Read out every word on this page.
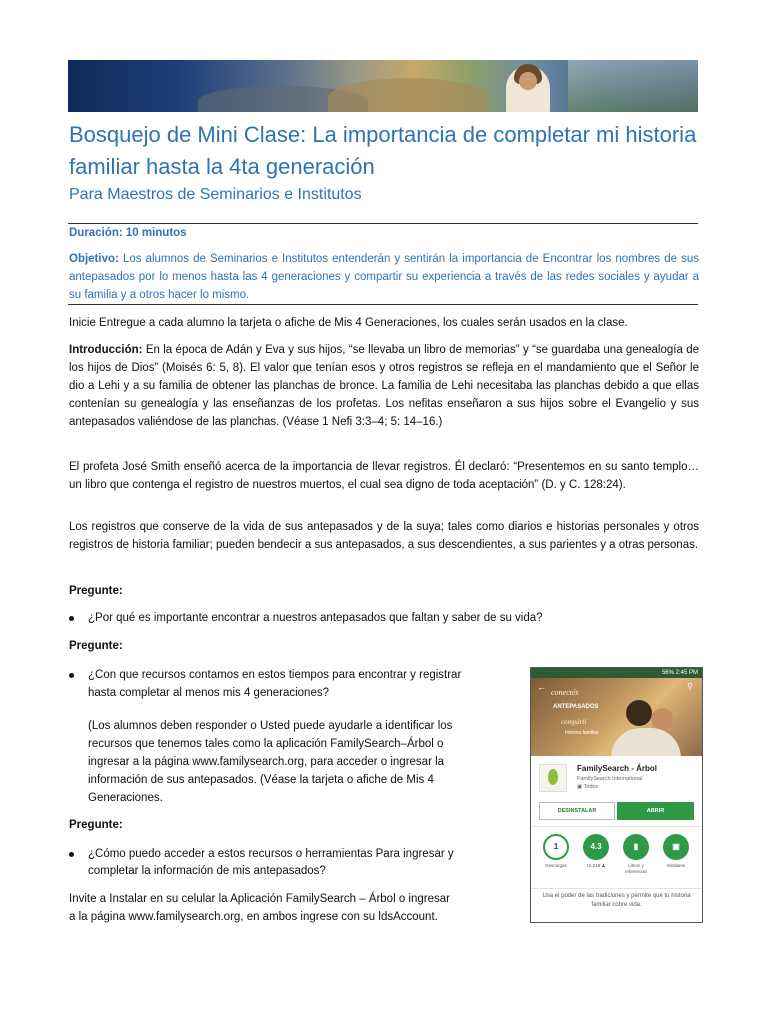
Bosquejo de Mini Clase: La importancia de completar mi historia familiar hasta la 4ta generación
Para Maestros de Seminarios e Institutos
Duración: 10 minutos
Objetivo: Los alumnos de Seminarios e Institutos entenderán y sentirán la importancia de Encontrar los nombres de sus antepasados por lo menos hasta las 4 generaciones y compartir su experiencia a través de las redes sociales y ayudar a su familia y a otros hacer lo mismo.

Inicie Entregue a cada alumno la tarjeta o afiche de Mis 4 Generaciones, los cuales serán usados en la clase.

Introducción: En la época de Adán y Eva y sus hijos, “se llevaba un libro de memorias” y “se guardaba una genealogía de los hijos de Dios” (Moisés 6: 5, 8). El valor que tenían esos y otros registros se refleja en el mandamiento que el Señor le dio a Lehi y a su familia de obtener las planchas de bronce. La familia de Lehi necesitaba las planchas debido a que ellas contenían su genealogía y las enseñanzas de los profetas. Los nefitas enseñaron a sus hijos sobre el Evangelio y sus antepasados valiéndose de las planchas. (Véase 1 Nefi 3:3–4; 5: 14–16.)

El profeta José Smith enseñó acerca de la importancia de llevar registros. Él declaró: “Presentemos en su santo templo… un libro que contenga el registro de nuestros muertos, el cual sea digno de toda aceptación” (D. y C. 128:24).

Los registros que conserve de la vida de sus antepasados y de la suya; tales como diarios e historias personales y otros registros de historia familiar; pueden bendecir a sus antepasados, a sus descendientes, a sus parientes y a otras personas.

Pregunte:

¿Por qué es importante encontrar a nuestros antepasados que faltan y saber de su vida?

Pregunte:

¿Con que recursos contamos en estos tiempos para encontrar y registrar
hasta completar al menos mis 4 generaciones?
(Los alumnos deben responder o Usted puede ayudarle a identificar los
recursos que tenemos tales como la aplicación FamilySearch–Árbol o
ingresar a la página www.familysearch.org, para acceder o ingresar la
información de sus antepasados. (Véase la tarjeta o afiche de Mis 4
Generaciones.

Pregunte:

¿Cómo puedo acceder a estos recursos o herramientas Para ingresar y
completar la información de mis antepasados?

Invite a Instalar en su celular la Aplicación FamilySearch – Árbol o ingresar

a la página www.familysearch.org, en ambos ingrese con su ldsAccount.

56% 2:45 PM
←	⚲
conectés
ANTEPASADOS
compártí
historia familiar
FamilySearch - Árbol
FamilySearch International
▣ Todos
DESINSTALAR	ABRIR
1
Descargas
4.3
16.219 ♟
▮
Libros y referencias
▣
Similares
Usa el poder de las tradiciones y permite que tu historia familiar cobre vida.
